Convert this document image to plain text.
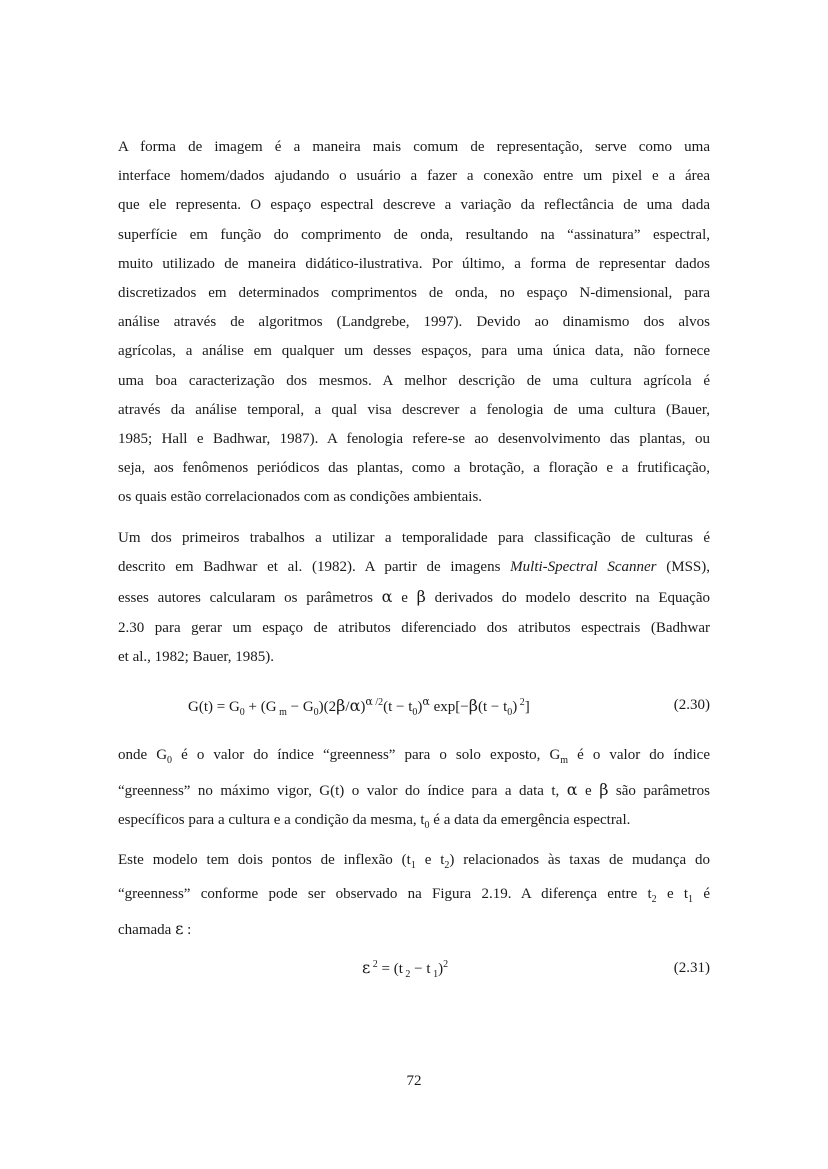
A forma de imagem é a maneira mais comum de representação, serve como uma
interface homem/dados ajudando o usuário a fazer a conexão entre um pixel e a área
que ele representa. O espaço espectral descreve a variação da reflectância de uma dada
superfície em função do comprimento de onda, resultando na “assinatura” espectral,
muito utilizado de maneira didático-ilustrativa. Por último, a forma de representar dados
discretizados em determinados comprimentos de onda, no espaço N-dimensional, para
análise através de algoritmos (Landgrebe, 1997). Devido ao dinamismo dos alvos
agrícolas, a análise em qualquer um desses espaços, para uma única data, não fornece
uma boa caracterização dos mesmos. A melhor descrição de uma cultura agrícola é
através da análise temporal, a qual visa descrever a fenologia de uma cultura (Bauer,
1985; Hall e Badhwar, 1987). A fenologia refere-se ao desenvolvimento das plantas, ou
seja, aos fenômenos periódicos das plantas, como a brotação, a floração e a frutificação,
os quais estão correlacionados com as condições ambientais.
Um dos primeiros trabalhos a utilizar a temporalidade para classificação de culturas é
descrito em Badhwar et al. (1982). A partir de imagens Multi-Spectral Scanner (MSS),
esses autores calcularam os parâmetros α e β derivados do modelo descrito na Equação
2.30 para gerar um espaço de atributos diferenciado dos atributos espectrais (Badhwar
et al., 1982; Bauer, 1985).
$G(t) = G_0 + (G$ $_m - G_0)(2\beta/\alpha)^{\alpha /2}(t - t_0)^\alpha$ $\exp[-\beta(t - t_0)$ $^2$]	(2.30)
onde $G_0$ é o valor do índice “greenness” para o solo exposto, $G_m$ é o valor do índice
“greenness” no máximo vigor, G(t) o valor do índice para a data t, α e β são parâmetros
específicos para a cultura e a condição da mesma, $t_0$ é a data da emergência espectral.
Este modelo tem dois pontos de inflexão ($t_1$ e $t_2$) relacionados às taxas de mudança do
“greenness” conforme pode ser observado na Figura 2.19. A diferença entre $t_2$ e $t_1$ é
chamada ε :
ε $^2$ = (t $_2$ − t $_1$)$^2$	(2.31)
72
